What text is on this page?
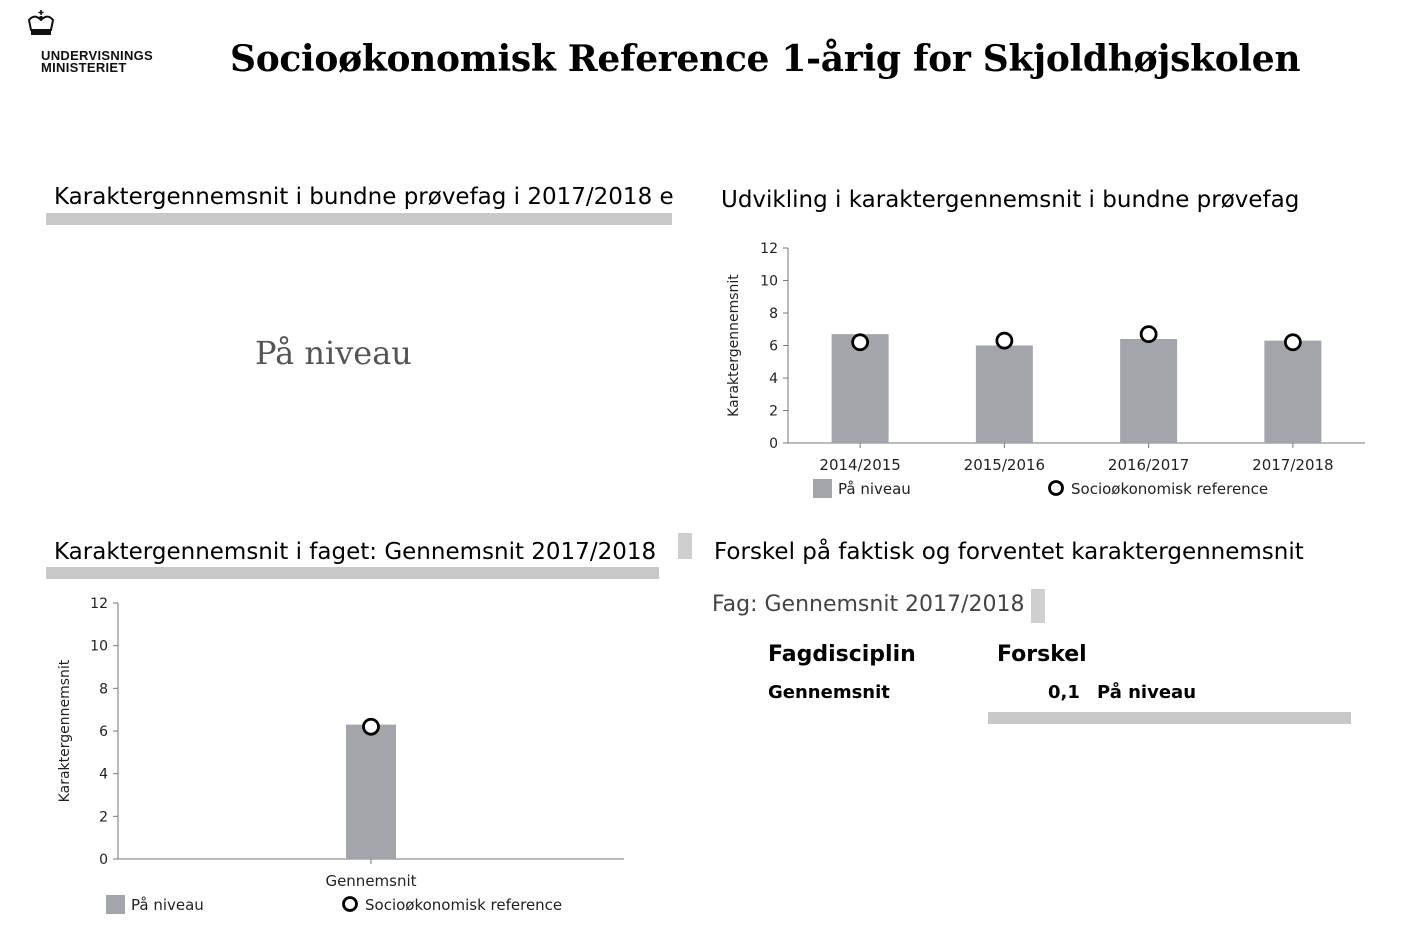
UNDERVISNINGS
MINISTERIET	Socioøkonomisk Reference 1-årig for Skjoldhøjskolen
Karaktergennemsnit i bundne prøvefag i 2017/2018 e
På niveau
Udvikling i karaktergennemsnit i bundne prøvefag
0
2
4
6
8
10
12
Karaktergennemsnit
2014/2015	2015/2016	2016/2017	2017/2018
På niveau	Socioøkonomisk reference
Karaktergennemsnit i faget: Gennemsnit 2017/2018
0
2
4
6
8
10
12
Karaktergennemsnit
Gennemsnit
På niveau	Socioøkonomisk reference
Forskel på faktisk og forventet karaktergennemsnit
Fag: Gennemsnit 2017/2018
Fagdisciplin	Forskel
Gennemsnit	0,1 På niveau
